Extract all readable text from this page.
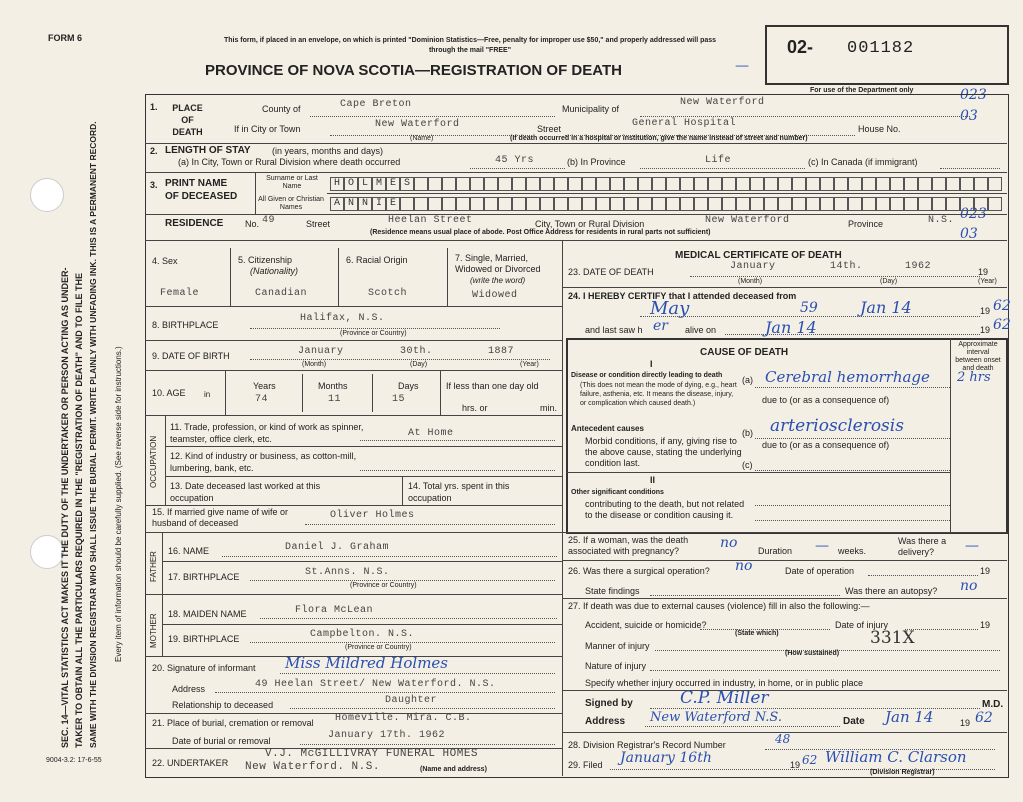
FORM 6
SEC. 14—VITAL STATISTICS ACT MAKES IT THE DUTY OF THE UNDERTAKER OR PERSON ACTING AS UNDER- TAKER TO OBTAIN ALL THE PARTICULARS REQUIRED IN THE "REGISTRATION OF DEATH" AND TO FILE THE SAME WITH THE DIVISION REGISTRAR WHO SHALL ISSUE THE BURIAL PERMIT. WRITE PLAINLY WITH UNFADING INK. THIS IS A PERMANENT RECORD. Every item of information should be carefully supplied. (See reverse side for instructions.)
9004-3.2: 17-6-55
This form, if placed in an envelope, on which is printed "Dominion Statistics—Free, penalty for improper use $50," and properly addressed will pass through the mail "FREE"
PROVINCE OF NOVA SCOTIA—REGISTRATION OF DEATH
02- 001182
For use of the Department only	023
03
023
03
1.	PLACE OF DEATH
County of	Cape Breton	Municipality of
New Waterford
If in City or Town	New Waterford	Street	General Hospital	House No.
(Name)	(If death occurred in a hospital or institution, give the name instead of street and number)
2. LENGTH OF STAY (in years, months and days)
(a) In City, Town or Rural Division where death occurred	45 Yrs	(b) In Province	Life	(c) In Canada (if immigrant)
3. PRINT NAME
OF DECEASED
Surname or Last Name
All Given or Christian Names
H O L M E S
A N N I E
RESIDENCE No. 49	Street	Heelan Street	City, Town or Rural Division	New Waterford	Province	N.S.
(Residence means usual place of abode. Post Office Address for residents in rural parts not sufficient)
4. Sex
Female
5. Citizenship
(Nationality)
Canadian
6. Racial Origin
Scotch
7. Single, Married, Widowed or Divorced
(write the word)
Widowed
8. BIRTHPLACE
Halifax, N.S.
(Province or Country)
9. DATE OF BIRTH	January	30th.	1887
(Month)	(Day)	(Year)
10. AGE in
Years
74
Months
11
Days
15
If less than one day old
hrs. or	min.
OCCUPATION
11. Trade, profession, or kind of work as spinner, teamster, office clerk, etc.	At Home
12. Kind of industry or business, as cotton-mill, lumbering, bank, etc.
13. Date deceased last worked at this occupation
14. Total yrs. spent in this occupation
15. If married give name of wife or husband of deceased
Oliver Holmes
FATHER
16. NAME	Daniel J. Graham
17. BIRTHPLACE	St.Anns. N.S.
(Province or Country)
MOTHER 18. MAIDEN NAME	Flora McLean
19. BIRTHPLACE	Campbelton. N.S.
(Province or Country)
20. Signature of informant Miss Mildred Holmes
Address	49 Heelan Street/ New Waterford. N.S.
Relationship to deceased	Daughter
21. Place of burial, cremation or removal Homeville. Mira. C.B.
Date of burial or removal	January 17th. 1962
22. UNDERTAKER
V.J. McGILLIVRAY FUNERAL HOMES
New Waterford. N.S.	(Name and address)
MEDICAL CERTIFICATE OF DEATH
23. DATE OF DEATH	January	14th.	1962	19
(Month)	(Day)	(Year)
24. I HEREBY CERTIFY that I attended deceased from
May	59	Jan 14	19 62
and last saw h er alive on	Jan 14	19 62
CAUSE OF DEATH
Approximate interval between onset and death
I
Disease or condition directly leading to death
(This does not mean the mode of dying, e.g., heart failure, asthenia, etc. It means the disease, injury, or complication which caused death.)
(a) Cerebral hemorrhage 2 hrs
due to (or as a consequence of)
Antecedent causes
Morbid conditions, if any, giving rise to the above cause, stating the underlying condition last.
(b) arteriosclerosis
due to (or as a consequence of)
(c)
II
Other significant conditions
contributing to the death, but not related to the disease or condition causing it.
25. If a woman, was the death associated with pregnancy?	no Duration — weeks.
Was there a delivery?	—
26. Was there a surgical operation? no	Date of operation	19
State findings	Was there an autopsy? no
27. If death was due to external causes (violence) fill in also the following:—
Accident, suicide or homicide?	Date of injury	19
(State which)	331X
Manner of injury
(How sustained)
Nature of injury
Specify whether injury occurred in industry, in home, or in public place
Signed by	C.P. Miller	M.D.
Address New Waterford N.S.	Date Jan 14	19 62
28. Division Registrar's Record Number	48
29. Filed January 16th	19 62 William C. Clarson
(Division Registrar)
—
